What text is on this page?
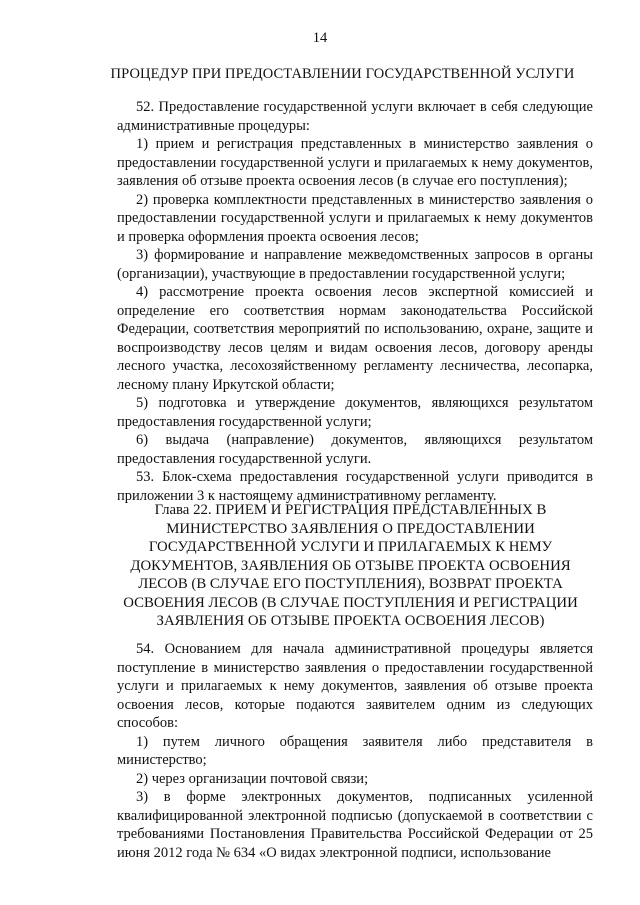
14
ПРОЦЕДУР ПРИ ПРЕДОСТАВЛЕНИИ ГОСУДАРСТВЕННОЙ УСЛУГИ

52. Предоставление государственной услуги включает в себя следующие административные процедуры:

1) прием и регистрация представленных в министерство заявления о предоставлении государственной услуги и прилагаемых к нему документов, заявления об отзыве проекта освоения лесов (в случае его поступления);

2) проверка комплектности представленных в министерство заявления о предоставлении государственной услуги и прилагаемых к нему документов и проверка оформления проекта освоения лесов;

3) формирование и направление межведомственных запросов в органы (организации), участвующие в предоставлении государственной услуги;

4) рассмотрение проекта освоения лесов экспертной комиссией и определение его соответствия нормам законодательства Российской Федерации, соответствия мероприятий по использованию, охране, защите и воспроизводству лесов целям и видам освоения лесов, договору аренды лесного участка, лесохозяйственному регламенту лесничества, лесопарка, лесному плану Иркутской области;

5) подготовка и утверждение документов, являющихся результатом предоставления государственной услуги;

6) выдача (направление) документов, являющихся результатом предоставления государственной услуги.

53. Блок-схема предоставления государственной услуги приводится в приложении 3 к настоящему административному регламенту.

Глава 22. ПРИЕМ И РЕГИСТРАЦИЯ ПРЕДСТАВЛЕННЫХ В МИНИСТЕРСТВО ЗАЯВЛЕНИЯ О ПРЕДОСТАВЛЕНИИ ГОСУДАРСТВЕННОЙ УСЛУГИ И ПРИЛАГАЕМЫХ К НЕМУ ДОКУМЕНТОВ, ЗАЯВЛЕНИЯ ОБ ОТЗЫВЕ ПРОЕКТА ОСВОЕНИЯ ЛЕСОВ (В СЛУЧАЕ ЕГО ПОСТУПЛЕНИЯ), ВОЗВРАТ ПРОЕКТА ОСВОЕНИЯ ЛЕСОВ (В СЛУЧАЕ ПОСТУПЛЕНИЯ И РЕГИСТРАЦИИ ЗАЯВЛЕНИЯ ОБ ОТЗЫВЕ ПРОЕКТА ОСВОЕНИЯ ЛЕСОВ)

54. Основанием для начала административной процедуры является поступление в министерство заявления о предоставлении государственной услуги и прилагаемых к нему документов, заявления об отзыве проекта освоения лесов, которые подаются заявителем одним из следующих способов:

1) путем личного обращения заявителя либо представителя в министерство;

2) через организации почтовой связи;

3) в форме электронных документов, подписанных усиленной квалифицированной электронной подписью (допускаемой в соответствии с требованиями Постановления Правительства Российской Федерации от 25 июня 2012 года № 634 «О видах электронной подписи, использование
